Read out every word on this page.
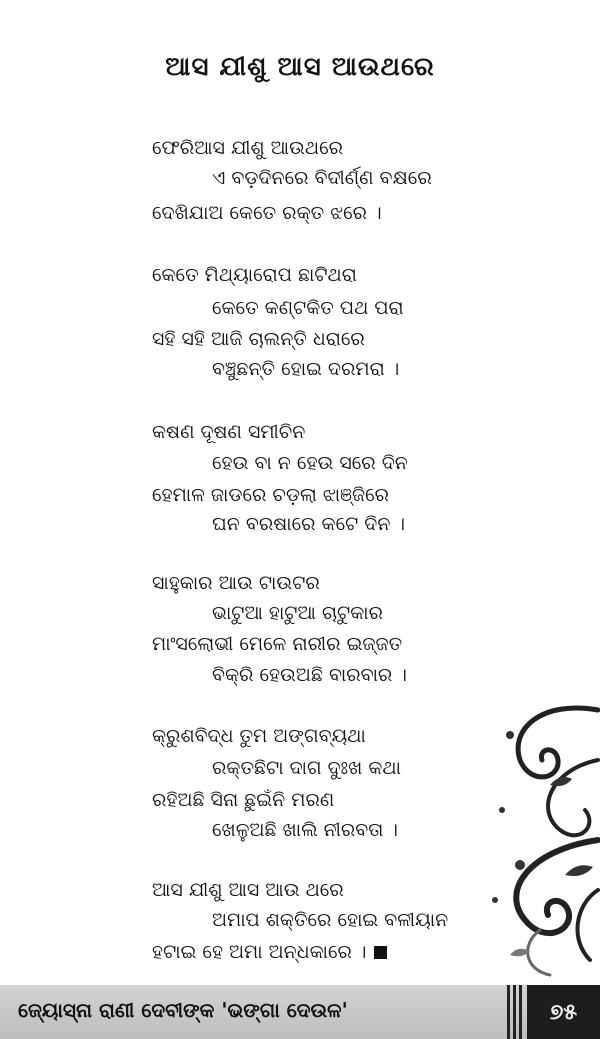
ଆସ ଯୀଶୁ ଆସ ଆଉଥରେ
ଫେରିଆସ ଯୀଶୁ ଆଉଥରେ
ଏ ବଡ଼ଦିନରେ ବିଦୀର୍ଣ୍ଣ ବକ୍ଷରେ
ଦେଖିଯାଅ କେତେ ରକ୍ତ ଝରେ ।
କେତେ ମିଥ୍ୟାରୋପ ଛାଟିଥରା
କେତେ କଣ୍ଟକିତ ପଥ ପରା
ସହି ସହି ଆଜି ଚାଲନ୍ତି ଧରାରେ
ବଞ୍ଚୁଛନ୍ତି ହୋଇ ଦରମରା ।
କଷଣ ଦୂଷଣ ସମୀଚିନ
ହେଉ ବା ନ ହେଉ ସରେ ଦିନ
ହେମାଳ ଜାଡରେ ଚଡ଼ଲା ଝାଞ୍ଜିରେ
ଘନ ବରଷାରେ କଟେ ଦିନ ।
ସାହୁକାର ଆଉ ଟାଉଟର
ଭାଟୁଆ ହାଟୁଆ ଚାଟୁକାର
ମାଂସଲୋଭୀ ମେଳେ ନାରୀର ଇଜ୍ଜତ
ବିକ୍ରି ହେଉଅଛି ବାରବାର ।
କ୍ରୁଶବିଦ୍ଧ ତୁମ ଅଙ୍ଗବ୍ୟଥା
ରକ୍ତଛିଟା ଦାଗ ଦୁଃଖ କଥା
ରହିଅଛି ସିନା ଛୁଇଁନି ମରଣ
ଖେଳୁଅଛି ଖାଲି ନୀରବତା ।
ଆସ ଯୀଶୁ ଆସ ଆଉ ଥରେ
ଅମାପ ଶକ୍ତିରେ ହୋଇ ବଳୀୟାନ
ହଟାଇ ହେ ଅମା ଅନ୍ଧକାରେ ।
ଜ୍ୟୋସ୍ନା ରାଣୀ ଦେବୀଙ୍କ 'ଭଙ୍ଗା ଦେଉଳ'	୭୫
